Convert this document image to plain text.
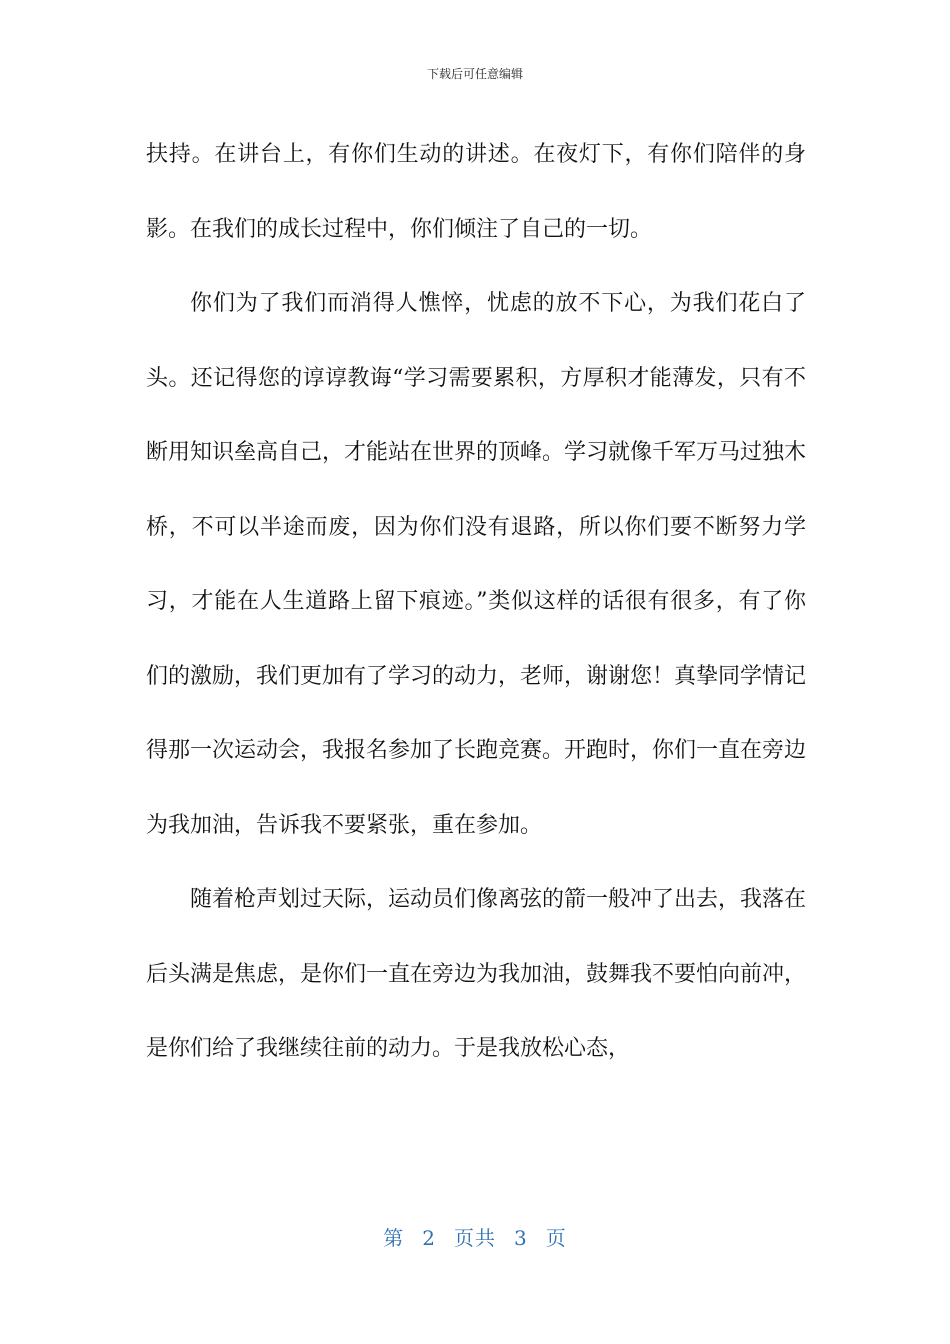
下载后可任意编辑

扶持。在讲台上，有你们生动的讲述。在夜灯下，有你们陪伴的身影。在我们的成长过程中，你们倾注了自己的一切。

你们为了我们而消得人憔悴，忧虑的放不下心，为我们花白了头。还记得您的谆谆教诲“学习需要累积，方厚积才能薄发，只有不断用知识垒高自己，才能站在世界的顶峰。学习就像千军万马过独木桥，不可以半途而废，因为你们没有退路，所以你们要不断努力学习，才能在人生道路上留下痕迹。”类似这样的话很有很多，有了你们的激励，我们更加有了学习的动力，老师，谢谢您！真挚同学情记得那一次运动会，我报名参加了长跑竞赛。开跑时，你们一直在旁边为我加油，告诉我不要紧张，重在参加。

随着枪声划过天际，运动员们像离弦的箭一般冲了出去，我落在后头满是焦虑，是你们一直在旁边为我加油，鼓舞我不要怕向前冲，是你们给了我继续往前的动力。于是我放松心态，

第 2 页共 3 页
